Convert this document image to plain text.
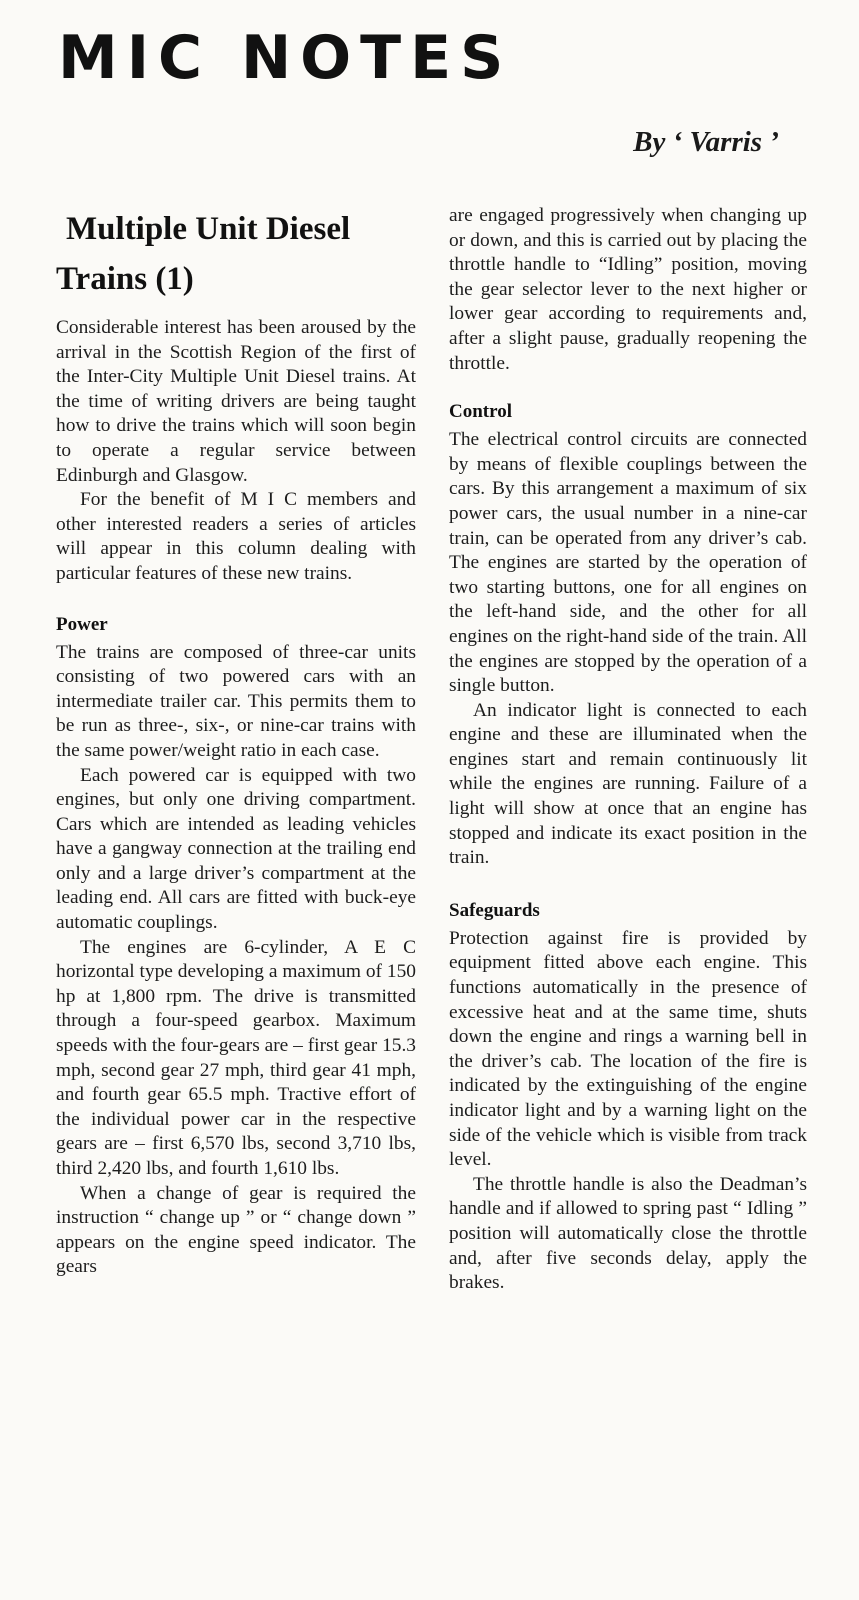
MIC NOTES
By ‘ Varris ’
Multiple Unit Diesel
Trains (1)

Considerable interest has been aroused by the arrival in the Scottish Region of the first of the Inter-City Multiple Unit Diesel trains. At the time of writing drivers are being taught how to drive the trains which will soon begin to operate a regular service between Edinburgh and Glasgow.

For the benefit of M I C members and other interested readers a series of articles will appear in this column dealing with particular features of these new trains.

Power

The trains are composed of three-car units consisting of two powered cars with an intermediate trailer car. This permits them to be run as three-, six-, or nine-car trains with the same power/weight ratio in each case.

Each powered car is equipped with two engines, but only one driving compartment. Cars which are intended as leading vehicles have a gangway connection at the trailing end only and a large driver’s compartment at the leading end. All cars are fitted with buck-eye automatic couplings.

The engines are 6-cylinder, A E C horizontal type developing a maximum of 150 hp at 1,800 rpm. The drive is transmitted through a four-speed gearbox. Maximum speeds with the four-gears are – first gear 15.3 mph, second gear 27 mph, third gear 41 mph, and fourth gear 65.5 mph. Tractive effort of the individual power car in the respective gears are – first 6,570 lbs, second 3,710 lbs, third 2,420 lbs, and fourth 1,610 lbs.

When a change of gear is required the instruction “ change up ” or “ change down ” appears on the engine speed indicator. The gears

are engaged progressively when changing up or down, and this is carried out by placing the throttle handle to “Idling” position, moving the gear selector lever to the next higher or lower gear according to requirements and, after a slight pause, gradually reopening the throttle.

Control

The electrical control circuits are connected by means of flexible couplings between the cars. By this arrangement a maximum of six power cars, the usual number in a nine-car train, can be operated from any driver’s cab. The engines are started by the operation of two starting buttons, one for all engines on the left-hand side, and the other for all engines on the right-hand side of the train. All the engines are stopped by the operation of a single button.

An indicator light is connected to each engine and these are illuminated when the engines start and remain continuously lit while the engines are running. Failure of a light will show at once that an engine has stopped and indicate its exact position in the train.

Safeguards

Protection against fire is provided by equipment fitted above each engine. This functions automatically in the presence of excessive heat and at the same time, shuts down the engine and rings a warning bell in the driver’s cab. The location of the fire is indicated by the extinguishing of the engine indicator light and by a warning light on the side of the vehicle which is visible from track level.

The throttle handle is also the Deadman’s handle and if allowed to spring past “ Idling ” position will automatically close the throttle and, after five seconds delay, apply the brakes.
